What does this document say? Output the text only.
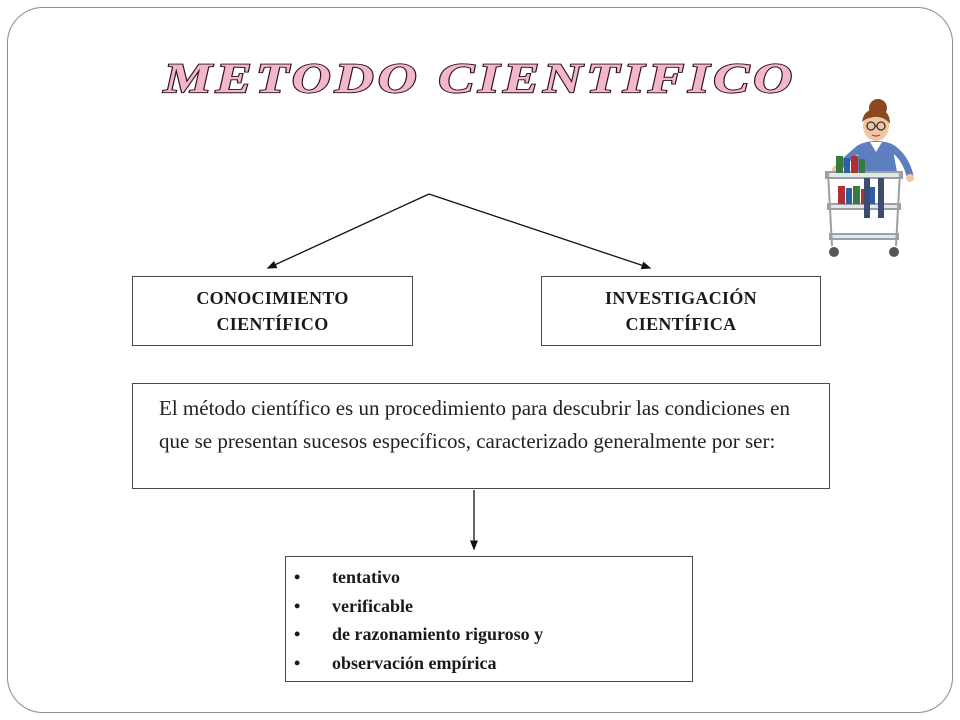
METODO CIENTIFICO
CONOCIMIENTO
CIENTÍFICO
INVESTIGACIÓN
CIENTÍFICA
El método científico es un procedimiento para descubrir las condiciones en que se presentan sucesos específicos, caracterizado generalmente por ser:
•	tentativo
•	verificable
•	de razonamiento riguroso y
•	observación empírica
